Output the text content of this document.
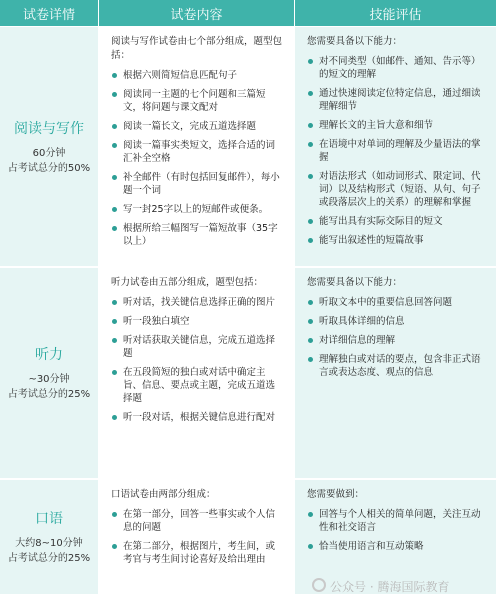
试卷详情	试卷内容	技能评估
阅读与写作
60分钟
占考试总分的50%
阅读与写作试卷由七个部分组成，题型包括：
根据六则简短信息匹配句子
阅读同一主题的七个问题和三篇短文，将问题与课文配对
阅读一篇长文，完成五道选择题
阅读一篇事实类短文，选择合适的词汇补全空格
补全邮件（有时包括回复邮件），每小题一个词
写一封25字以上的短邮件或便条。
根据所给三幅图写一篇短故事（35字以上）
您需要具备以下能力：
对不同类型（如邮件、通知、告示等）的短文的理解
通过快速阅读定位特定信息，通过细读理解细节
理解长文的主旨大意和细节
在语境中对单词的理解及少量语法的掌握
对语法形式（如动词形式、限定词、代词）以及结构形式（短语、从句、句子或段落层次上的关系）的理解和掌握
能写出具有实际交际目的短文
能写出叙述性的短篇故事
听力
~30分钟
占考试总分的25%
听力试卷由五部分组成，题型包括：
听对话，找关键信息选择正确的图片
听一段独白填空
听对话获取关键信息，完成五道选择题
在五段简短的独白或对话中确定主旨、信息、要点或主题，完成五道选择题
听一段对话，根据关键信息进行配对
您需要具备以下能力：
听取文本中的重要信息回答问题
听取具体详细的信息
对详细信息的理解
理解独白或对话的要点，包含非正式语言或表达态度、观点的信息
口语
大约8~10分钟
占考试总分的25%
口语试卷由两部分组成：
在第一部分，回答一些事实或个人信息的问题
在第二部分，根据图片，考生间，或考官与考生间讨论喜好及给出理由
您需要做到：
回答与个人相关的简单问题，关注互动性和社交语言
恰当使用语言和互动策略
公众号 · 腾海国际教育
